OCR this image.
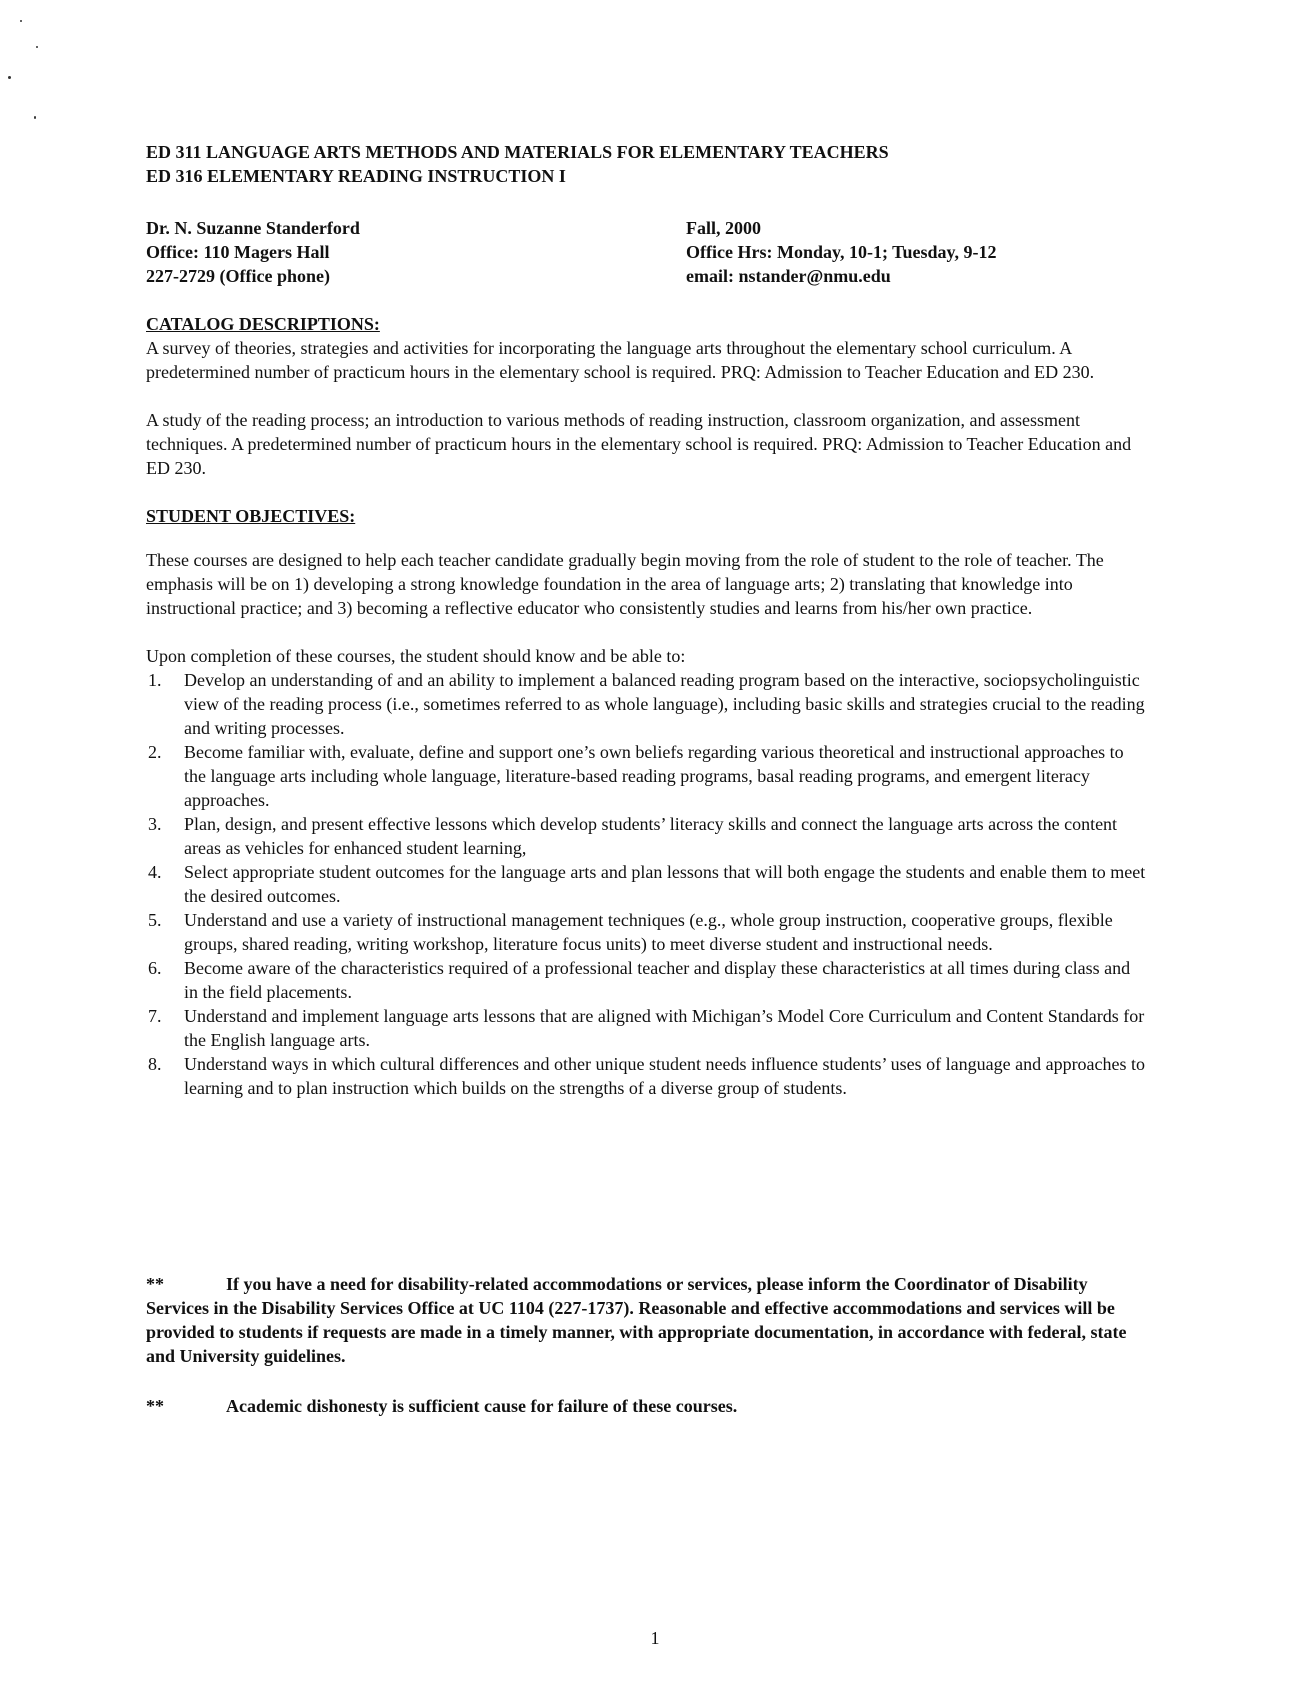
ED 311 LANGUAGE ARTS METHODS AND MATERIALS FOR ELEMENTARY TEACHERS
ED 316 ELEMENTARY READING INSTRUCTION I
Dr. N. Suzanne Standerford
Office: 110 Magers Hall
227-2729 (Office phone)
Fall, 2000
Office Hrs: Monday, 10-1; Tuesday, 9-12
email: nstander@nmu.edu

CATALOG DESCRIPTIONS:

A survey of theories, strategies and activities for incorporating the language arts throughout the elementary school curriculum. A predetermined number of practicum hours in the elementary school is required. PRQ: Admission to Teacher Education and ED 230.

A study of the reading process; an introduction to various methods of reading instruction, classroom organization, and assessment techniques. A predetermined number of practicum hours in the elementary school is required. PRQ: Admission to Teacher Education and ED 230.

STUDENT OBJECTIVES:

These courses are designed to help each teacher candidate gradually begin moving from the role of student to the role of teacher. The emphasis will be on 1) developing a strong knowledge foundation in the area of language arts; 2) translating that knowledge into instructional practice; and 3) becoming a reflective educator who consistently studies and learns from his/her own practice.

Upon completion of these courses, the student should know and be able to:

1. Develop an understanding of and an ability to implement a balanced reading program based on the interactive, sociopsycholinguistic view of the reading process (i.e., sometimes referred to as whole language), including basic skills and strategies crucial to the reading and writing processes.
2. Become familiar with, evaluate, define and support one’s own beliefs regarding various theoretical and instructional approaches to the language arts including whole language, literature-based reading programs, basal reading programs, and emergent literacy approaches.
3. Plan, design, and present effective lessons which develop students’ literacy skills and connect the language arts across the content areas as vehicles for enhanced student learning,
4. Select appropriate student outcomes for the language arts and plan lessons that will both engage the students and enable them to meet the desired outcomes.
5. Understand and use a variety of instructional management techniques (e.g., whole group instruction, cooperative groups, flexible groups, shared reading, writing workshop, literature focus units) to meet diverse student and instructional needs.
6. Become aware of the characteristics required of a professional teacher and display these characteristics at all times during class and in the field placements.
7. Understand and implement language arts lessons that are aligned with Michigan’s Model Core Curriculum and Content Standards for the English language arts.
8. Understand ways in which cultural differences and other unique student needs influence students’ uses of language and approaches to learning and to plan instruction which builds on the strengths of a diverse group of students.

**	If you have a need for disability-related accommodations or services, please inform the Coordinator of Disability Services in the Disability Services Office at UC 1104 (227-1737). Reasonable and effective accommodations and services will be provided to students if requests are made in a timely manner, with appropriate documentation, in accordance with federal, state and University guidelines.

**	Academic dishonesty is sufficient cause for failure of these courses.

1
